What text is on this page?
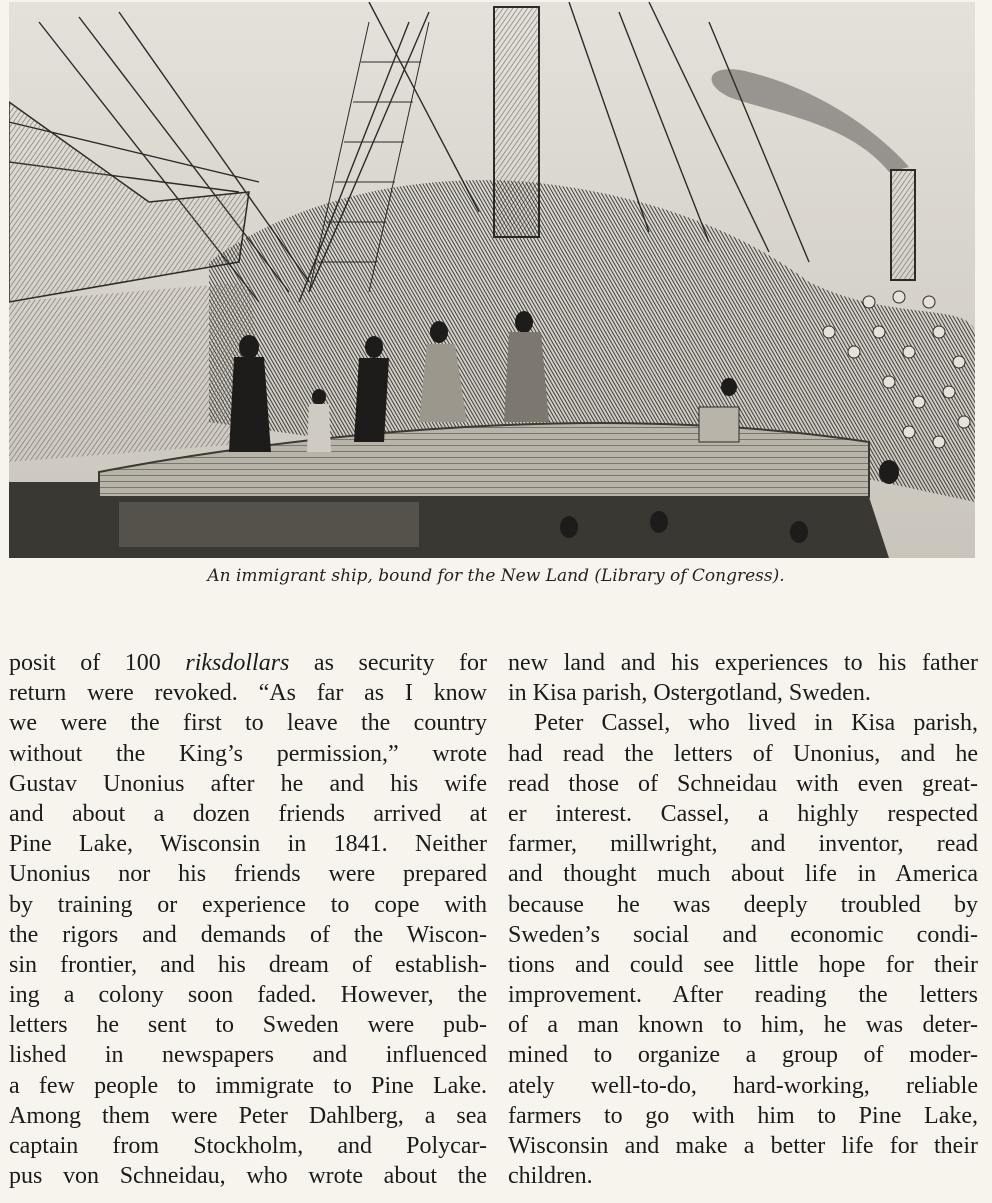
An immigrant ship, bound for the New Land (Library of Congress).
posit of 100 riksdollars as security for
return were revoked. “As far as I know
we were the first to leave the country
without the King’s permission,” wrote
Gustav Unonius after he and his wife
and about a dozen friends arrived at
Pine Lake, Wisconsin in 1841. Neither
Unonius nor his friends were prepared
by training or experience to cope with
the rigors and demands of the Wiscon-
sin frontier, and his dream of establish-
ing a colony soon faded. However, the
letters he sent to Sweden were pub-
lished in newspapers and influenced
a few people to immigrate to Pine Lake.
Among them were Peter Dahlberg, a sea
captain from Stockholm, and Polycar-
pus von Schneidau, who wrote about the
new land and his experiences to his father
in Kisa parish, Ostergotland, Sweden.
Peter Cassel, who lived in Kisa parish,
had read the letters of Unonius, and he
read those of Schneidau with even great-
er interest. Cassel, a highly respected
farmer, millwright, and inventor, read
and thought much about life in America
because he was deeply troubled by
Sweden’s social and economic condi-
tions and could see little hope for their
improvement. After reading the letters
of a man known to him, he was deter-
mined to organize a group of moder-
ately well-to-do, hard-working, reliable
farmers to go with him to Pine Lake,
Wisconsin and make a better life for their
children.
